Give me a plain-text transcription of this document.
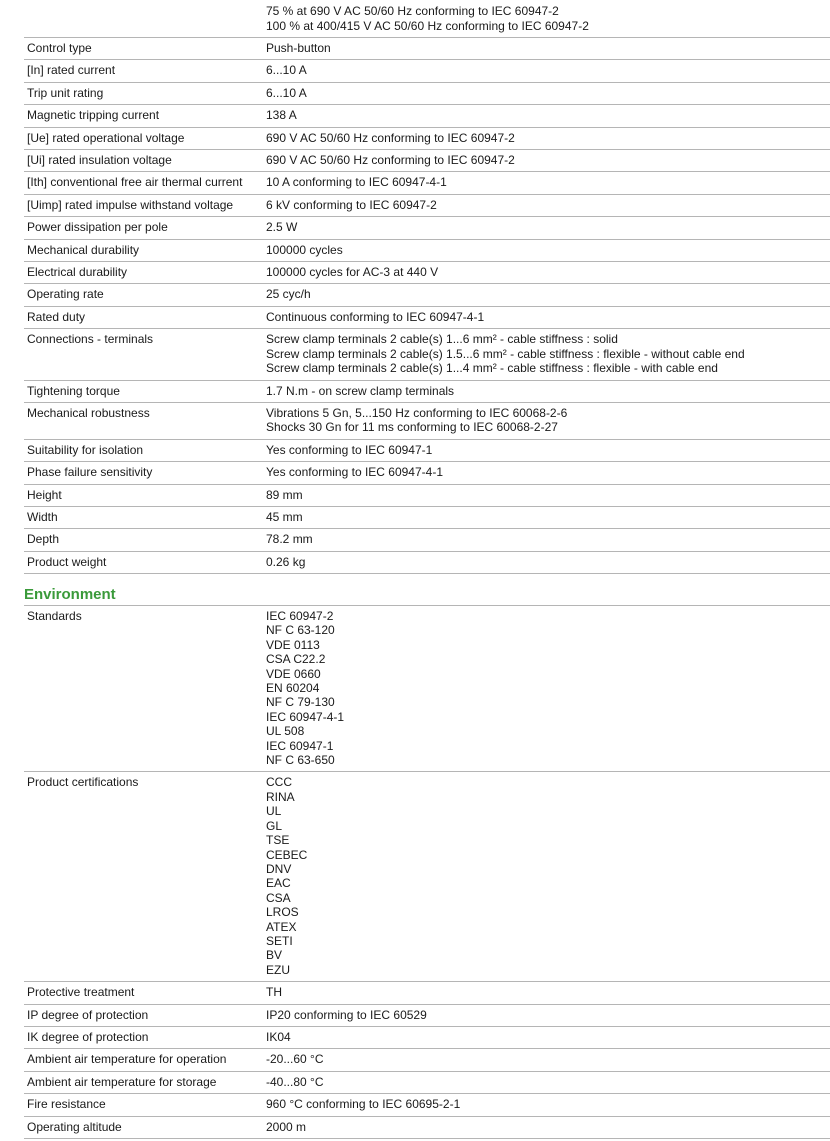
75 % at 690 V AC 50/60 Hz conforming to IEC 60947-2
100 % at 400/415 V AC 50/60 Hz conforming to IEC 60947-2
Control type	Push-button
[In] rated current	6...10 A
Trip unit rating	6...10 A
Magnetic tripping current	138 A
[Ue] rated operational voltage	690 V AC 50/60 Hz conforming to IEC 60947-2
[Ui] rated insulation voltage	690 V AC 50/60 Hz conforming to IEC 60947-2
[Ith] conventional free air thermal current	10 A conforming to IEC 60947-4-1
[Uimp] rated impulse withstand voltage	6 kV conforming to IEC 60947-2
Power dissipation per pole	2.5 W
Mechanical durability	100000 cycles
Electrical durability	100000 cycles for AC-3 at 440 V
Operating rate	25 cyc/h
Rated duty	Continuous conforming to IEC 60947-4-1
Connections - terminals	Screw clamp terminals 2 cable(s) 1...6 mm² - cable stiffness : solid
Screw clamp terminals 2 cable(s) 1.5...6 mm² - cable stiffness : flexible - without cable end
Screw clamp terminals 2 cable(s) 1...4 mm² - cable stiffness : flexible - with cable end
Tightening torque	1.7 N.m - on screw clamp terminals
Mechanical robustness	Vibrations 5 Gn, 5...150 Hz conforming to IEC 60068-2-6
Shocks 30 Gn for 11 ms conforming to IEC 60068-2-27
Suitability for isolation	Yes conforming to IEC 60947-1
Phase failure sensitivity	Yes conforming to IEC 60947-4-1
Height	89 mm
Width	45 mm
Depth	78.2 mm
Product weight	0.26 kg
Environment
Standards	IEC 60947-2
NF C 63-120
VDE 0113
CSA C22.2
VDE 0660
EN 60204
NF C 79-130
IEC 60947-4-1
UL 508
IEC 60947-1
NF C 63-650
Product certifications	CCC
RINA
UL
GL
TSE
CEBEC
DNV
EAC
CSA
LROS
ATEX
SETI
BV
EZU
Protective treatment	TH
IP degree of protection	IP20 conforming to IEC 60529
IK degree of protection	IK04
Ambient air temperature for operation	-20...60 °C
Ambient air temperature for storage	-40...80 °C
Fire resistance	960 °C conforming to IEC 60695-2-1
Operating altitude	2000 m
